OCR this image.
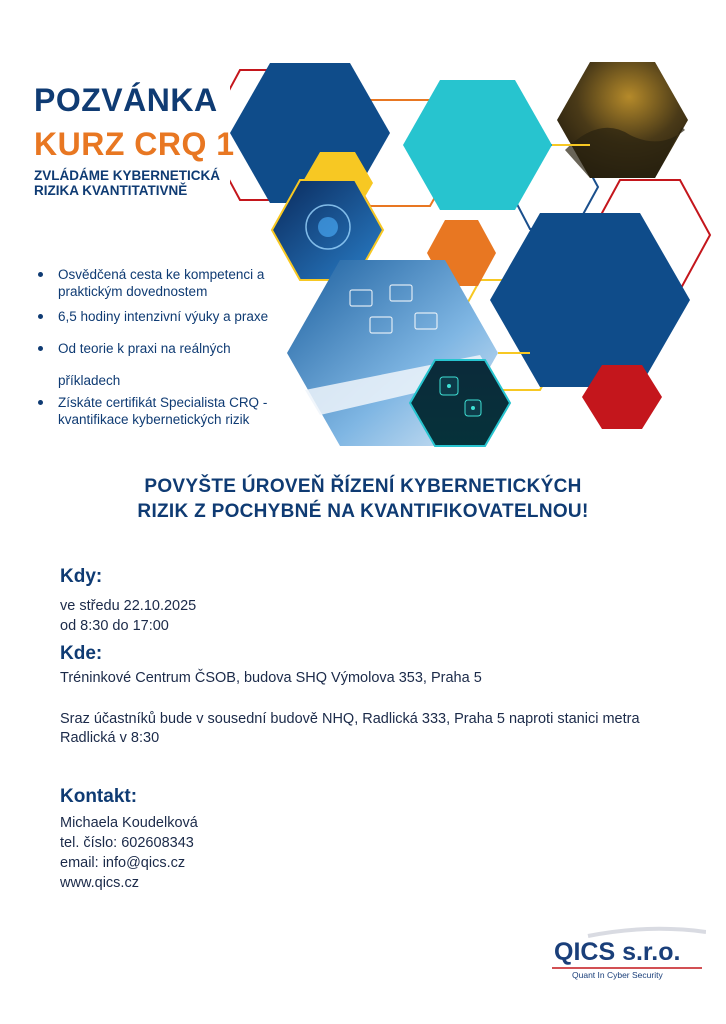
POZVÁNKA
KURZ CRQ 1
ZVLÁDÁME KYBERNETICKÁ
RIZIKA KVANTITATIVNĚ
Osvědčená cesta ke kompetenci a praktickým dovednostem
6,5 hodiny intenzivní výuky a praxe
Od teorie k praxi na reálných
příkladech
Získáte certifikát Specialista CRQ - kvantifikace kybernetických rizik
POVYŠTE ÚROVEŇ ŘÍZENÍ KYBERNETICKÝCH
RIZIK Z POCHYBNÉ NA KVANTIFIKOVATELNOU!
Kdy:
ve středu 22.10.2025
od 8:30 do 17:00
Kde:
Tréninkové Centrum ČSOB, budova SHQ Výmolova 353, Praha 5
Sraz účastníků bude v sousední budově NHQ, Radlická 333, Praha 5 naproti stanici metra Radlická v 8:30
Kontakt:
Michaela Koudelková
tel. číslo: 602608343
email: info@qics.cz
www.qics.cz
QICS s.r.o.
Quant In Cyber Security
